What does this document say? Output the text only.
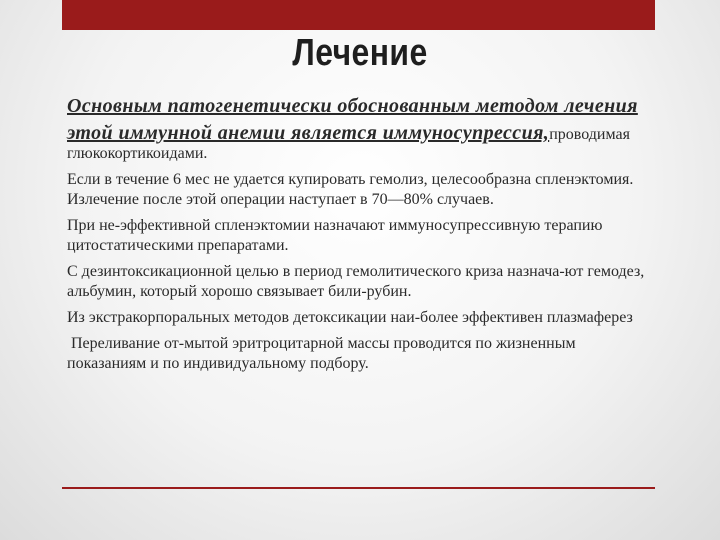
Лечение

Основным патогенетически обоснованным методом лечения этой иммунной анемии является иммуносупрессия,проводимая

глюкокортикоидами.

Если в течение 6 мес не удается купировать гемолиз, целесообразна спленэктомия. Излечение после этой операции наступает в 70—80% случаев.

При не-эффективной спленэктомии назначают иммуносупрессивную терапию цитостатическими препаратами.

С дезинтоксикационной целью в период гемолитического криза назнача-ют гемодез, альбумин, который хорошо связывает били-рубин.

Из экстракорпоральных методов детоксикации наи-более эффективен плазмаферез

Переливание от-мытой эритроцитарной массы проводится по жизненным показаниям и по индивидуальному подбору.
